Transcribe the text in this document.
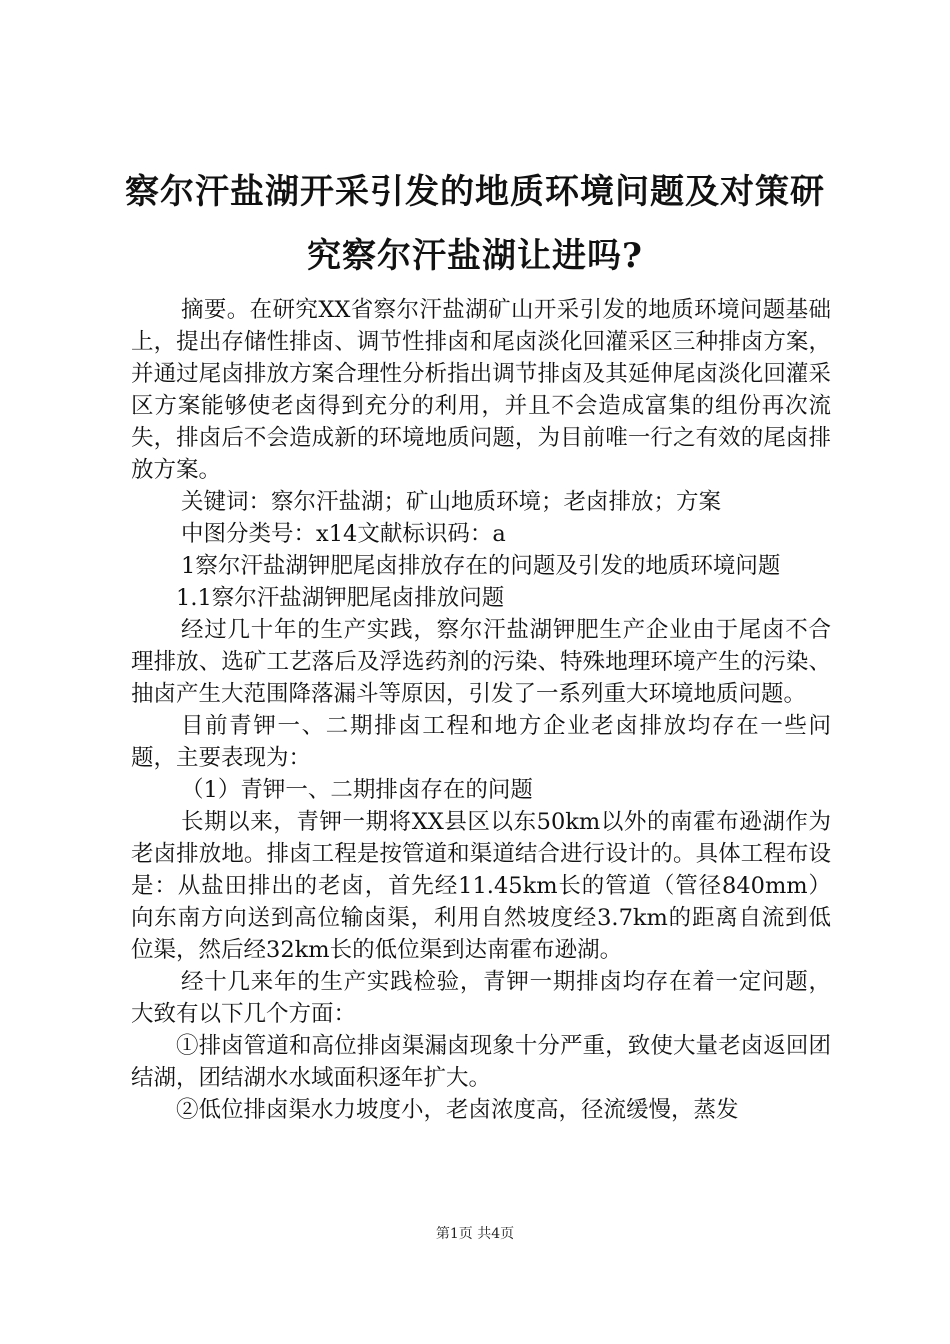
察尔汗盐湖开采引发的地质环境问题及对策研究察尔汗盐湖让进吗?

摘要。在研究XX省察尔汗盐湖矿山开采引发的地质环境问题基础上，提出存储性排卤、调节性排卤和尾卤淡化回灌采区三种排卤方案，并通过尾卤排放方案合理性分析指出调节排卤及其延伸尾卤淡化回灌采区方案能够使老卤得到充分的利用，并且不会造成富集的组份再次流失，排卤后不会造成新的环境地质问题，为目前唯一行之有效的尾卤排放方案。

关键词：察尔汗盐湖；矿山地质环境；老卤排放；方案

中图分类号：x14文献标识码：a

1察尔汗盐湖钾肥尾卤排放存在的问题及引发的地质环境问题

1.1察尔汗盐湖钾肥尾卤排放问题

经过几十年的生产实践，察尔汗盐湖钾肥生产企业由于尾卤不合理排放、选矿工艺落后及浮选药剂的污染、特殊地理环境产生的污染、抽卤产生大范围降落漏斗等原因，引发了一系列重大环境地质问题。

目前青钾一、二期排卤工程和地方企业老卤排放均存在一些问题，主要表现为：

（1）青钾一、二期排卤存在的问题

长期以来，青钾一期将XX县区以东50km以外的南霍布逊湖作为老卤排放地。排卤工程是按管道和渠道结合进行设计的。具体工程布设是：从盐田排出的老卤，首先经11.45km长的管道（管径840mm）向东南方向送到高位输卤渠，利用自然坡度经3.7km的距离自流到低位渠，然后经32km长的低位渠到达南霍布逊湖。

经十几来年的生产实践检验，青钾一期排卤均存在着一定问题，大致有以下几个方面：

①排卤管道和高位排卤渠漏卤现象十分严重，致使大量老卤返回团结湖，团结湖水水域面积逐年扩大。

②低位排卤渠水力坡度小，老卤浓度高，径流缓慢，蒸发

第1页 共4页
